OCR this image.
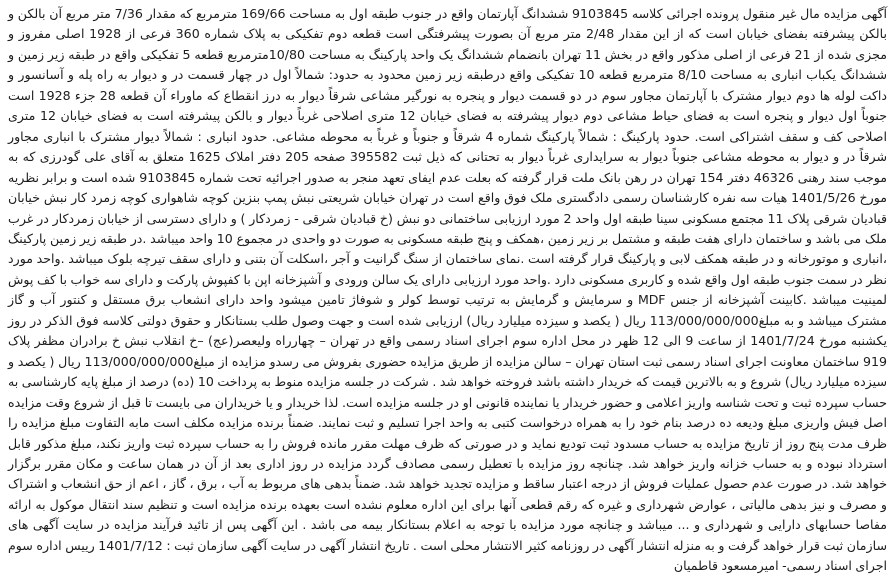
آگهی مزایده مال غیر منقول پرونده اجرائی کلاسه 9103845 ششدانگ آپارتمان واقع در جنوب طبقه اول به مساحت 169/66 مترمربع که مقدار 7/36 متر مربع آن بالکن و بالکن پیشرفته بفضای خیابان است که از این مقدار 2/48 متر مربع آن بصورت پیشرفتگی است قطعه دوم تفکیکی به پلاک شماره 360 فرعی از 1928 اصلی مفروز و مجزی شده از 21 فرعی از اصلی مذکور واقع در بخش 11 تهران بانضمام ششدانگ یک واحد پارکینگ به مساحت 10/80مترمربع قطعه 5 تفکیکی واقع در طبقه زیر زمین و ششدانگ یکباب انباری به مساحت 8/10 مترمربع قطعه 10 تفکیکی واقع درطبقه زیر زمین محدود به حدود: شمالاً اول در چهار قسمت در و دیوار به راه پله و آسانسور و داکت لوله ها دوم دیوار مشترک با آپارتمان مجاور سوم در دو قسمت دیوار و پنجره به نورگیر مشاعی شرقاً دیوار به درز انقطاع که ماوراء آن قطعه 28 جزء 1928 است جنوباً اول دیوار و پنجره است به فضای حیاط مشاعی دوم دیوار پیشرفته به فضای خیابان 12 متری اصلاحی غرباً دیوار و بالکن پیشرفته است به فضای خیابان 12 متری اصلاحی کف و سقف اشتراکی است. حدود پارکینگ : شمالاً پارکینگ شماره 4 شرقاً و جنوباً و غرباً به محوطه مشاعی. حدود انباری : شمالاً دیوار مشترک با انباری مجاور شرقاً در و دیوار به محوطه مشاعی جنوباً دیوار به سرایداری غرباً دیوار به تحتانی که ذیل ثبت 395582 صفحه 205 دفتر املاک 1625 متعلق به آقای علی گودرزی که به موجب سند رهنی 46326 دفتر 154 تهران در رهن بانک ملت قرار گرفته که بعلت عدم ایفای تعهد منجر به صدور اجرائیه تحت شماره 9103845 شده است و برابر نظریه مورخ 1401/5/26 هیات سه نفره کارشناسان رسمی دادگستری ملک فوق واقع است در تهران خیابان شریعتی نبش پمپ بنزین کوچه شاهواری کوچه زمرد کار نبش خیابان قبادیان شرقی پلاک 11 مجتمع مسکونی سینا طبقه اول واحد 2 مورد ارزیابی ساختمانی دو نبش (خ قبادیان شرقی - زمردکار ) و دارای دسترسی از خیابان زمردکار در غرب ملک می باشد و ساختمان دارای هفت طبقه و مشتمل بر زیر زمین ،همکف و پنج طبقه مسکونی به صورت دو واحدی در مجموع 10 واحد میباشد .در طبقه زیر زمین پارکینگ ،انباری و موتورخانه و در طبقه همکف لابی و پارکینگ قرار گرفته است .نمای ساختمان از سنگ گرانیت و آجر ،اسکلت آن بتنی و دارای سقف تیرچه بلوک میباشد .واحد مورد نظر در سمت جنوب طبقه اول واقع شده و کاربری مسکونی دارد .واحد مورد ارزیابی دارای یک سالن ورودی و آشپزخانه اپن با کفپوش پارکت و دارای سه خواب با کف پوش لمینیت میباشد .کابینت آشپزخانه از جنس MDF و سرمایش و گرمایش به ترتیب توسط کولر و شوفاژ تامین میشود واحد دارای انشعاب برق مستقل و کنتور آب و گاز مشترک میباشد و به مبلغ113/000/000/000 ریال ( یکصد و سیزده میلیارد ریال) ارزیابی شده است و جهت وصول طلب بستانکار و حقوق دولتی کلاسه فوق الذکر در روز یکشنبه مورخ 1401/7/24 از ساعت 9 الی 12 ظهر در محل اداره سوم اجرای اسناد رسمی واقع در تهران – چهارراه ولیعصر(عج) –خ انقلاب نبش خ برادران مظفر پلاک 919 ساختمان معاونت اجرای اسناد رسمی ثبت استان تهران – سالن مزایده از طریق مزایده حضوری بفروش می رسدو مزایده از مبلغ113/000/000/000 ریال ( یکصد و سیزده میلیارد ریال) شروع و به بالاترین قیمت که خریدار داشته باشد فروخته خواهد شد . شرکت در جلسه مزایده منوط به پرداخت 10 (ده) درصد از مبلغ پایه کارشناسی به حساب سپرده ثبت و تحت شناسه واریز اعلامی و حضور خریدار یا نماینده قانونی او در جلسه مزایده است. لذا خریدار و یا خریداران می بایست تا قبل از شروع وقت مزایده اصل فیش واریزی مبلغ ودیعه ده درصد بنام خود را به همراه درخواست کتبی به واحد اجرا تسلیم و ثبت نمایند. ضمناً برنده مزایده مکلف است مابه التفاوت مبلغ مزایده را ظرف مدت پنج روز از تاریخ مزایده به حساب مسدود ثبت تودیع نماید و در صورتی که ظرف مهلت مقرر مانده فروش را به حساب سپرده ثبت واریز نکند، مبلغ مذکور قابل استرداد نبوده و به حساب خزانه واریز خواهد شد. چنانچه روز مزایده با تعطیل رسمی مصادف گردد مزایده در روز اداری بعد از آن در همان ساعت و مکان مقرر برگزار خواهد شد. در صورت عدم حصول عملیات فروش از درجه اعتبار ساقط و مزایده تجدید خواهد شد. ضمناً بدهی های مربوط به آب ، برق ، گاز ، اعم از حق انشعاب و اشتراک و مصرف و نیز بدهی مالیاتی ، عوارض شهرداری و غیره که رقم قطعی آنها برای این اداره معلوم نشده است بعهده برنده مزایده است و تنظیم سند انتقال موکول به ارائه مفاصا حسابهای دارایی و شهرداری و ... میباشد و چنانچه مورد مزایده با توجه به اعلام بستانکار بیمه می باشد . این آگهی پس از تائید فرآیند مزایده در سایت آگهی های سازمان ثبت قرار خواهد گرفت و به منزله انتشار آگهی در روزنامه کثیر الانتشار محلی است . تاریخ انتشار آگهی در سایت آگهی سازمان ثبت : 1401/7/12 رییس اداره سوم اجرای اسناد رسمی- امیرمسعود قاطمیان
